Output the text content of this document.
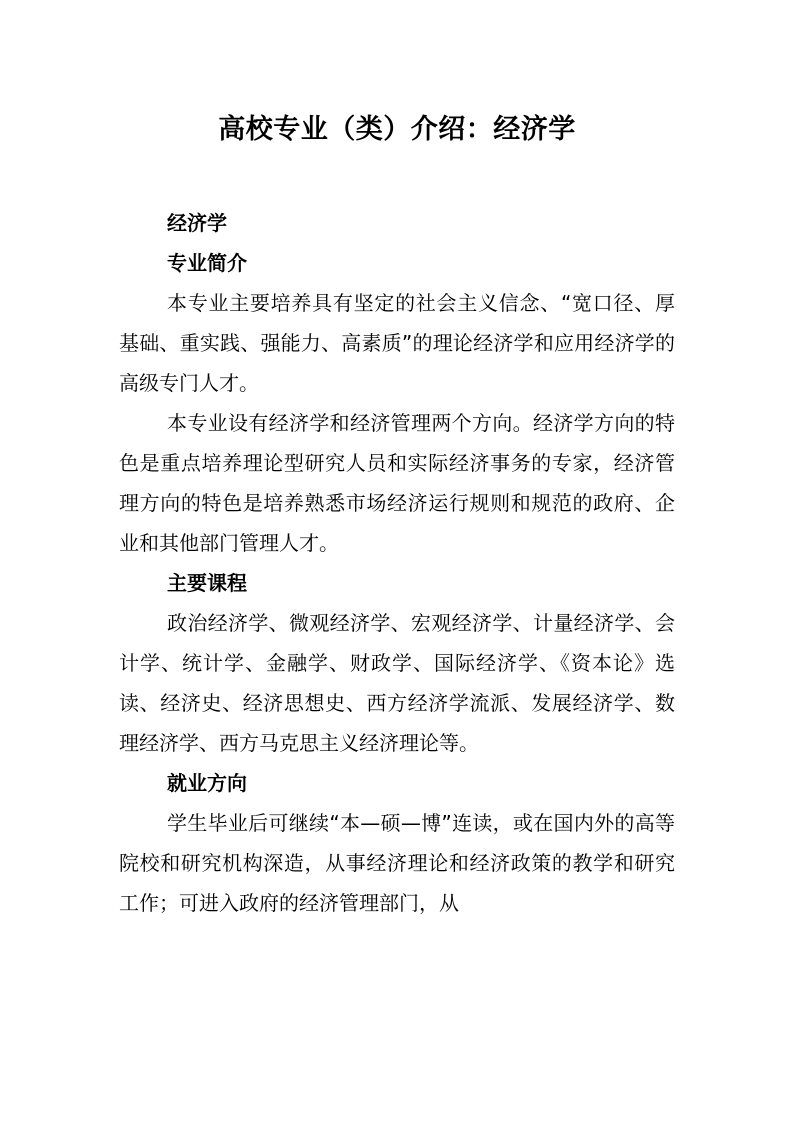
高校专业（类）介绍：经济学

经济学

专业简介

本专业主要培养具有坚定的社会主义信念、“宽口径、厚基础、重实践、强能力、高素质”的理论经济学和应用经济学的高级专门人才。

本专业设有经济学和经济管理两个方向。经济学方向的特色是重点培养理论型研究人员和实际经济事务的专家，经济管理方向的特色是培养熟悉市场经济运行规则和规范的政府、企业和其他部门管理人才。

主要课程

政治经济学、微观经济学、宏观经济学、计量经济学、会计学、统计学、金融学、财政学、国际经济学、《资本论》选读、经济史、经济思想史、西方经济学流派、发展经济学、数理经济学、西方马克思主义经济理论等。

就业方向

学生毕业后可继续“本—硕—博”连读，或在国内外的高等院校和研究机构深造，从事经济理论和经济政策的教学和研究工作；可进入政府的经济管理部门，从
